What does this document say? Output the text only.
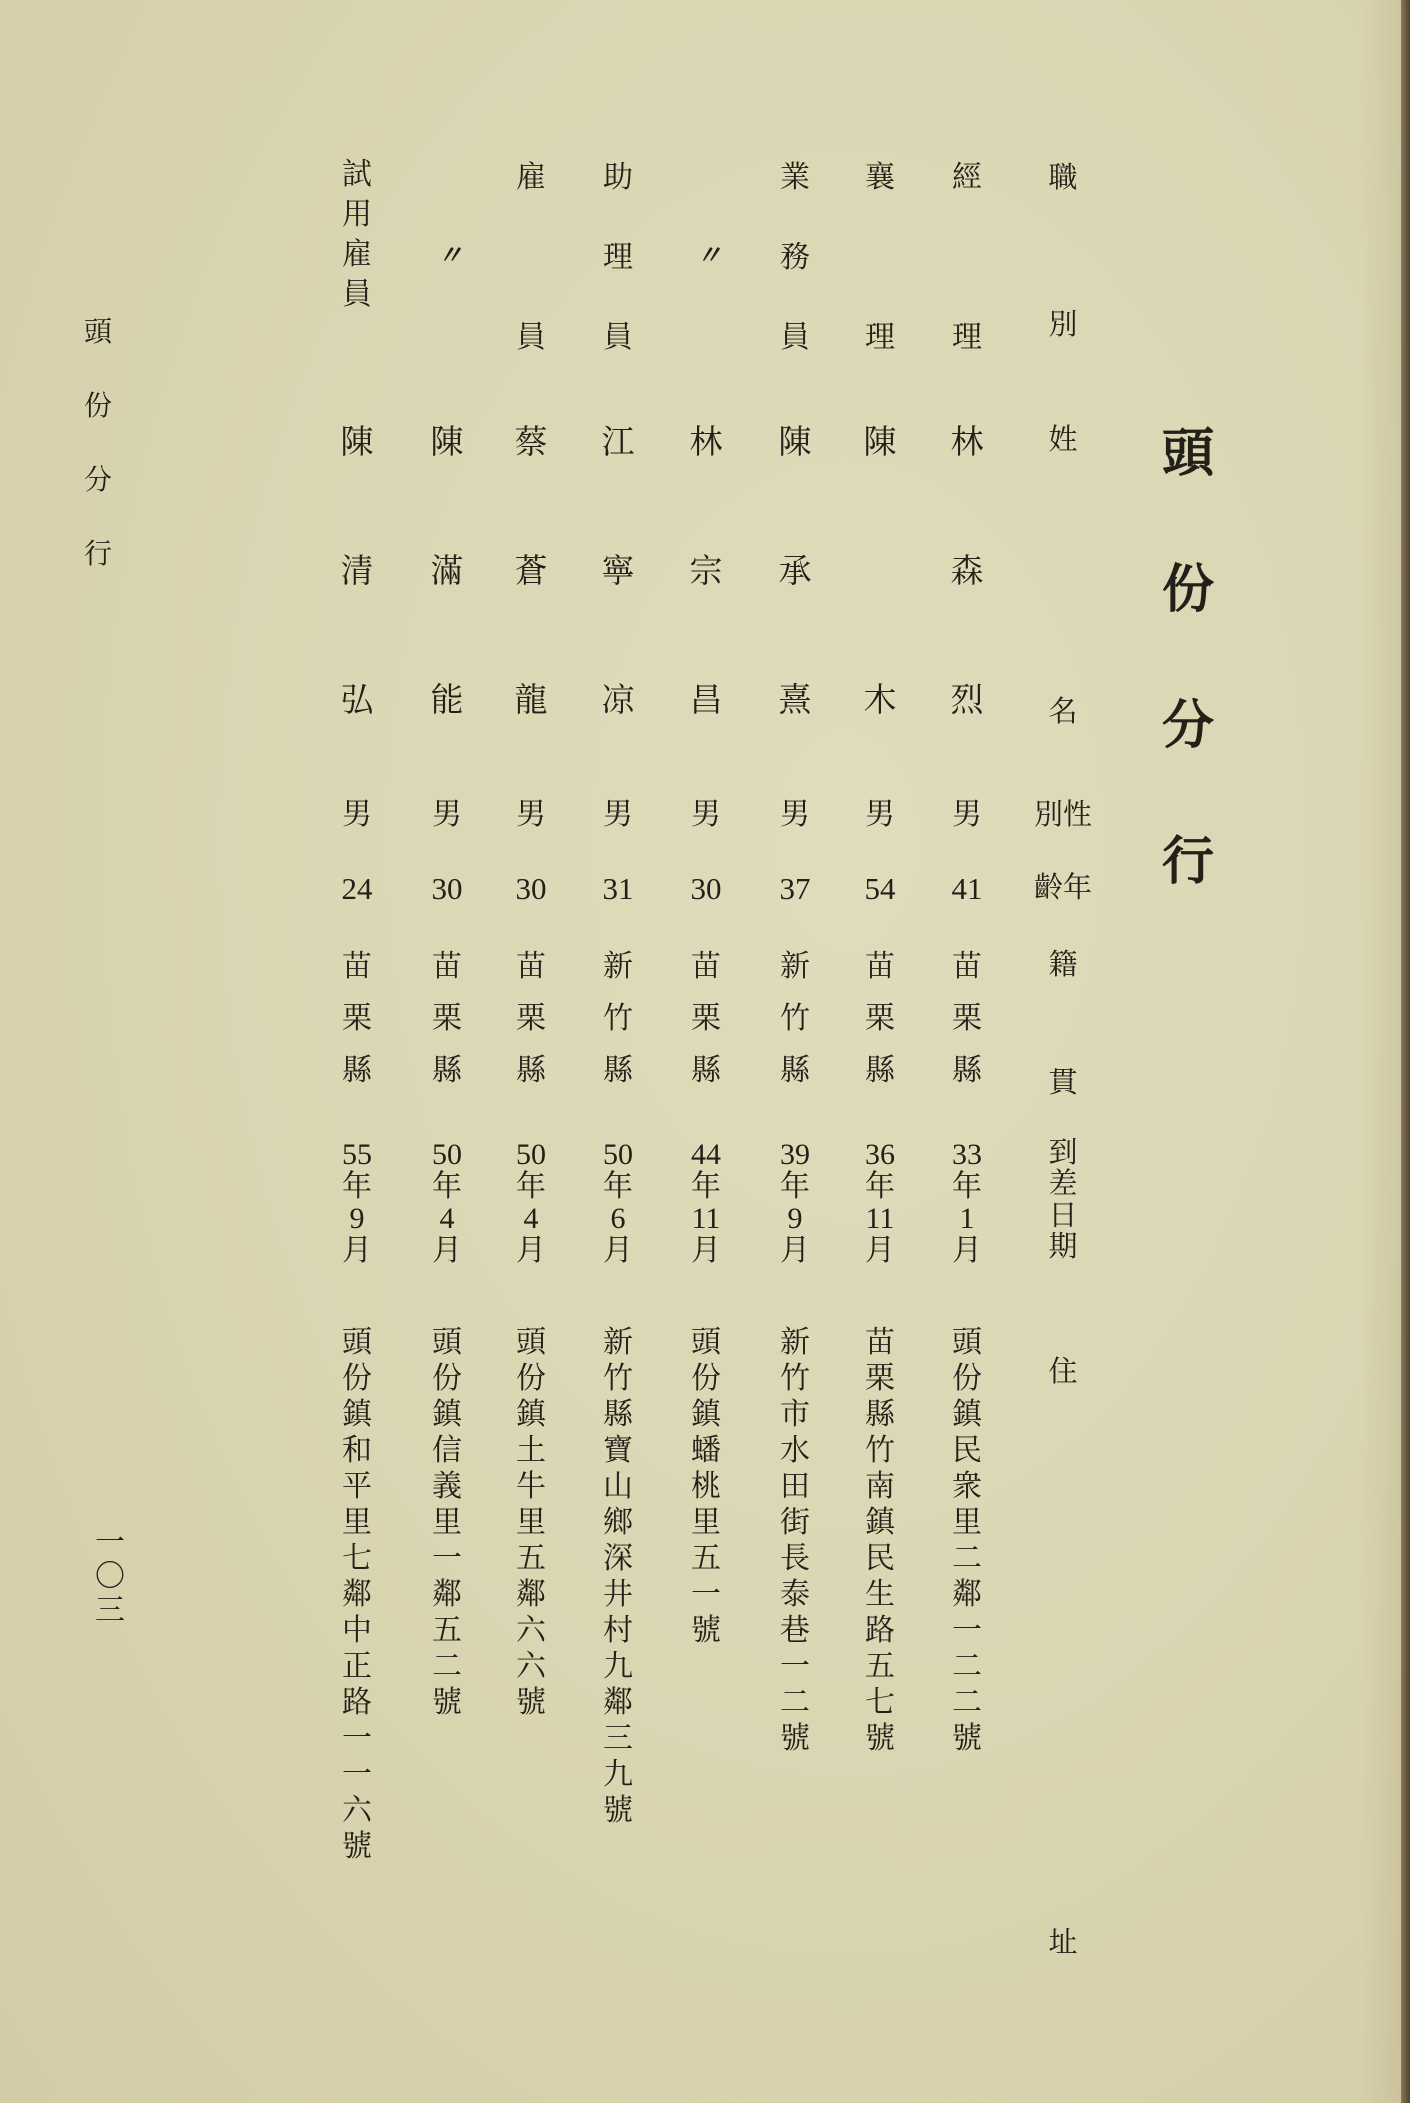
頭
份
分
行
一
〇
三
頭
份
分
行
職
別
姓
名
別性
齡年
籍
貫
到
差
日
期
住
址
經
理
林
森
烈
男
41
苗
栗
縣
33
年
1
月
頭
份
鎮
民
衆
里
二
鄰
一
二
二
號
襄
理
陳
木
男
54
苗
栗
縣
36
年
11
月
苗
栗
縣
竹
南
鎮
民
生
路
五
七
號
業
務
員
陳
承
熹
男
37
新
竹
縣
39
年
9
月
新
竹
市
水
田
街
長
泰
巷
一
二
號
〃
林
宗
昌
男
30
苗
栗
縣
44
年
11
月
頭
份
鎮
蟠
桃
里
五
一
號
助
理
員
江
寧
凉
男
31
新
竹
縣
50
年
6
月
新
竹
縣
寶
山
鄉
深
井
村
九
鄰
三
九
號
雇
員
蔡
蒼
龍
男
30
苗
栗
縣
50
年
4
月
頭
份
鎮
土
牛
里
五
鄰
六
六
號
〃
陳
滿
能
男
30
苗
栗
縣
50
年
4
月
頭
份
鎮
信
義
里
一
鄰
五
二
號
試
用
雇
員
陳
清
弘
男
24
苗
栗
縣
55
年
9
月
頭
份
鎮
和
平
里
七
鄰
中
正
路
一
一
六
號
